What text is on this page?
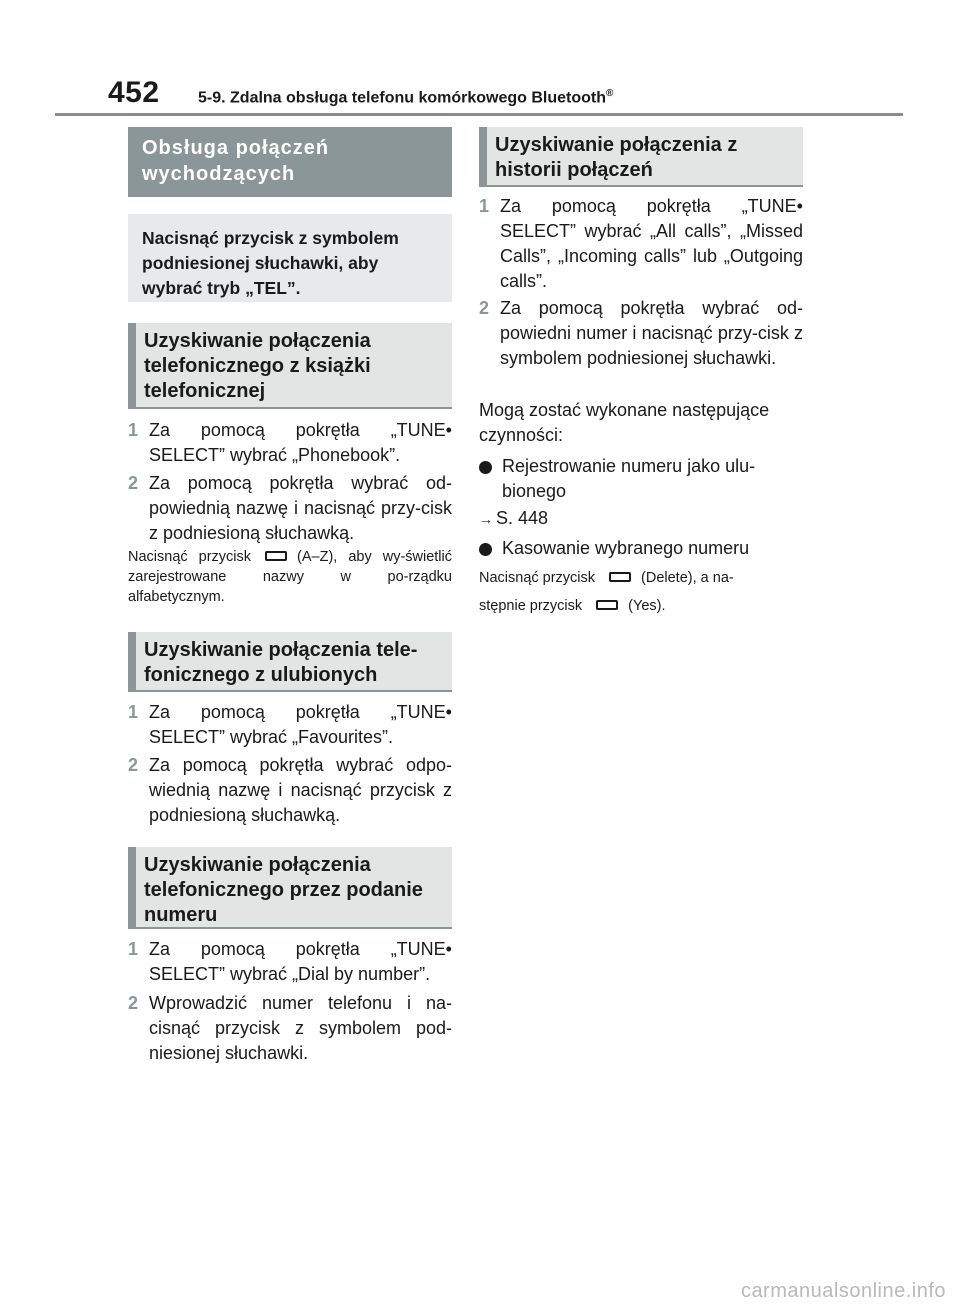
452 5-9. Zdalna obsługa telefonu komórkowego Bluetooth®
Obsługa połączeń wychodzących
Nacisnąć przycisk z symbolem podniesionej słuchawki, aby wybrać tryb „TEL”.
Uzyskiwanie połączenia telefonicznego z książki telefonicznej
1 Za pomocą pokrętła „TUNE• SELECT” wybrać „Phonebook”.
2 Za pomocą pokrętła wybrać od-powiednią nazwę i nacisnąć przy-cisk z podniesioną słuchawką.
Nacisnąć przycisk	(A–Z), aby wy-świetlić zarejestrowane nazwy w po-rządku alfabetycznym.
Uzyskiwanie połączenia tele-fonicznego z ulubionych
1 Za pomocą pokrętła „TUNE• SELECT” wybrać „Favourites”.
2 Za pomocą pokrętła wybrać odpo-wiednią nazwę i nacisnąć przycisk z podniesioną słuchawką.
Uzyskiwanie połączenia telefonicznego przez podanie numeru
1 Za pomocą pokrętła „TUNE• SELECT” wybrać „Dial by number”.
2 Wprowadzić numer telefonu i na-cisnąć przycisk z symbolem pod-niesionej słuchawki.
Uzyskiwanie połączenia z historii połączeń
1 Za pomocą pokrętła „TUNE• SELECT” wybrać „All calls”, „Missed Calls”, „Incoming calls” lub „Outgoing calls”.
2 Za pomocą pokrętła wybrać od-powiedni numer i nacisnąć przy-cisk z symbolem podniesionej słuchawki.
Mogą zostać wykonane następujące czynności:
Rejestrowanie numeru jako ulu-bionego
→ S. 448
Kasowanie wybranego numeru
Nacisnąć przycisk	(Delete), a na-
stępnie przycisk	(Yes).
carmanualsonline.info
